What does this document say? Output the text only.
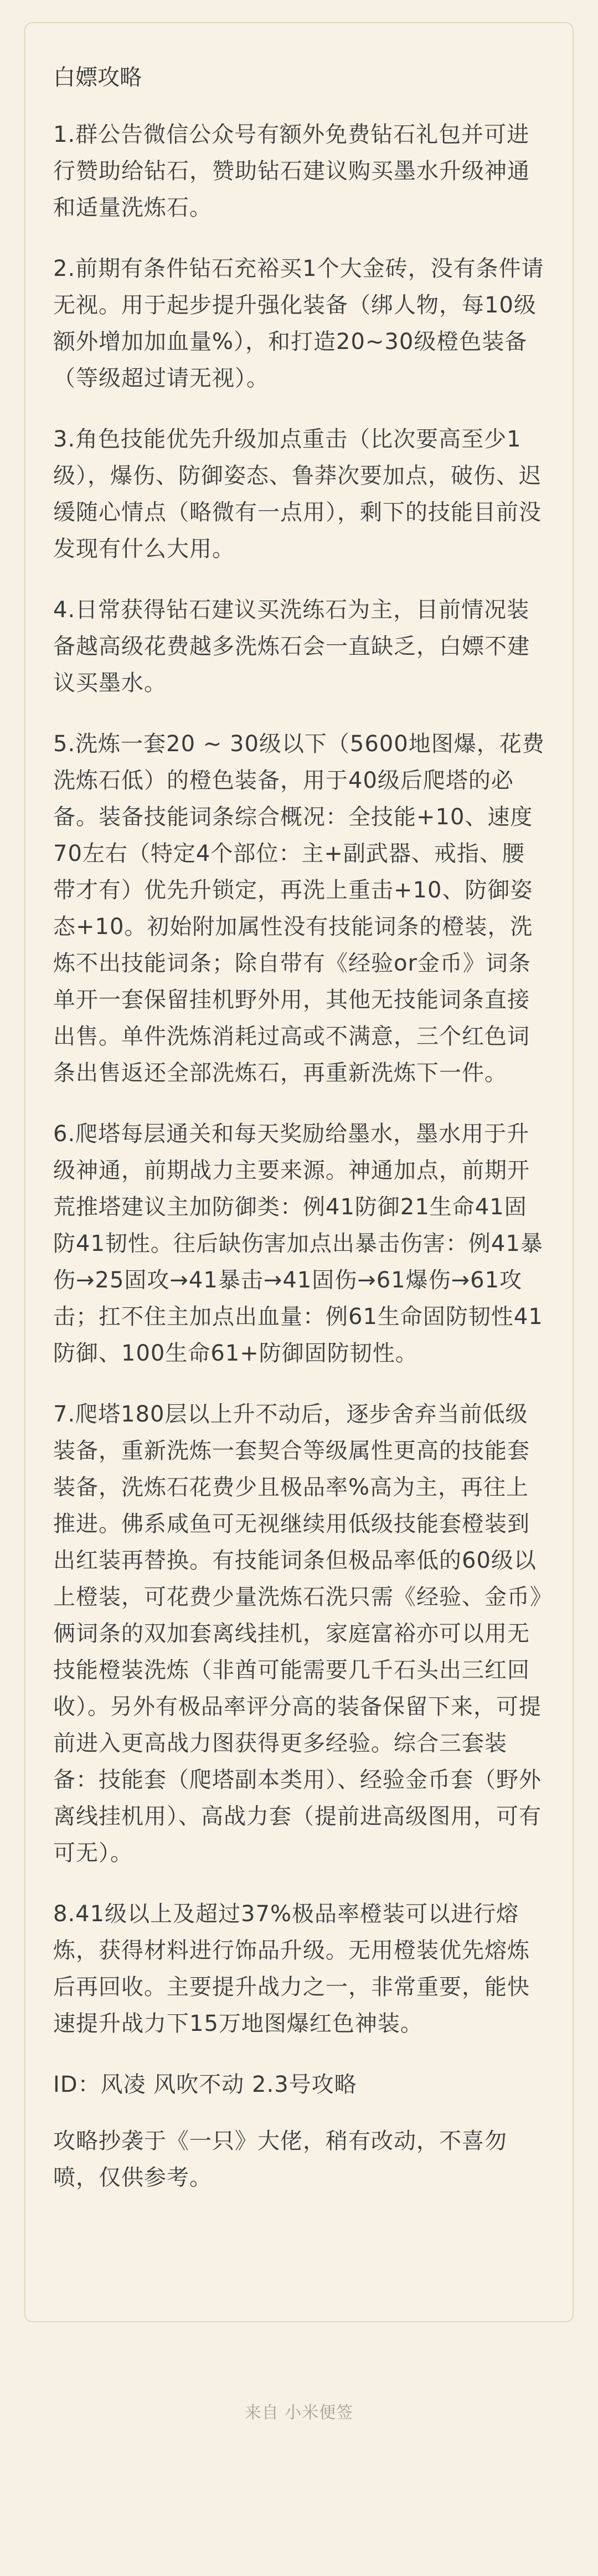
白嫖攻略
1.群公告微信公众号有额外免费钻石礼包并可进行赞助给钻石，赞助钻石建议购买墨水升级神通和适量洗炼石。
2.前期有条件钻石充裕买1个大金砖，没有条件请无视。用于起步提升强化装备（绑人物，每10级额外增加加血量%），和打造20~30级橙色装备（等级超过请无视）。
3.角色技能优先升级加点重击（比次要高至少1级），爆伤、防御姿态、鲁莽次要加点，破伤、迟缓随心情点（略微有一点用），剩下的技能目前没发现有什么大用。
4.日常获得钻石建议买洗练石为主，目前情况装备越高级花费越多洗炼石会一直缺乏，白嫖不建议买墨水。
5.洗炼一套20 ~ 30级以下（5600地图爆，花费洗炼石低）的橙色装备，用于40级后爬塔的必备。装备技能词条综合概况：全技能+10、速度70左右（特定4个部位：主+副武器、戒指、腰带才有）优先升锁定，再洗上重击+10、防御姿态+10。初始附加属性没有技能词条的橙装，洗炼不出技能词条；除自带有《经验or金币》词条单开一套保留挂机野外用，其他无技能词条直接出售。单件洗炼消耗过高或不满意，三个红色词条出售返还全部洗炼石，再重新洗炼下一件。
6.爬塔每层通关和每天奖励给墨水，墨水用于升级神通，前期战力主要来源。神通加点，前期开荒推塔建议主加防御类：例41防御21生命41固防41韧性。往后缺伤害加点出暴击伤害：例41暴伤→25固攻→41暴击→41固伤→61爆伤→61攻击；扛不住主加点出血量：例61生命固防韧性41防御、100生命61+防御固防韧性。
7.爬塔180层以上升不动后，逐步舍弃当前低级装备，重新洗炼一套契合等级属性更高的技能套装备，洗炼石花费少且极品率%高为主，再往上推进。佛系咸鱼可无视继续用低级技能套橙装到出红装再替换。有技能词条但极品率低的60级以上橙装，可花费少量洗炼石洗只需《经验、金币》俩词条的双加套离线挂机，家庭富裕亦可以用无技能橙装洗炼（非酋可能需要几千石头出三红回收）。另外有极品率评分高的装备保留下来，可提前进入更高战力图获得更多经验。综合三套装备：技能套（爬塔副本类用）、经验金币套（野外离线挂机用）、高战力套（提前进高级图用，可有可无）。
8.41级以上及超过37%极品率橙装可以进行熔炼，获得材料进行饰品升级。无用橙装优先熔炼后再回收。主要提升战力之一，非常重要，能快速提升战力下15万地图爆红色神装。
ID：风凌 风吹不动 2.3号攻略
攻略抄袭于《一只》大佬，稍有改动，不喜勿喷，仅供参考。
来自 小米便签
